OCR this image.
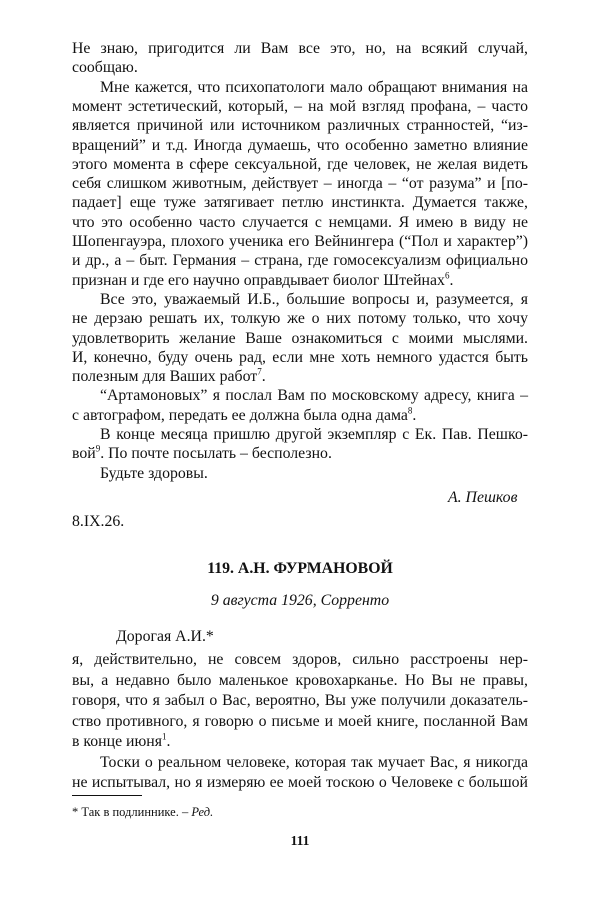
Не знаю, пригодится ли Вам все это, но, на всякий случай,
сообщаю.
Мне кажется, что психопатологи мало обращают внимания на
момент эстетический, который, – на мой взгляд профана, – часто
является причиной или источником различных странностей, “из-
вращений” и т.д. Иногда думаешь, что особенно заметно влияние
этого момента в сфере сексуальной, где человек, не желая видеть
себя слишком животным, действует – иногда – “от разума” и [по-
падает] еще туже затягивает петлю инстинкта. Думается также,
что это особенно часто случается с немцами. Я имею в виду не
Шопенгауэра, плохого ученика его Вейнингера (“Пол и характер”)
и др., а – быт. Германия – страна, где гомосексуализм официально
признан и где его научно оправдывает биолог Штейнах$^6$.
Все это, уважаемый И.Б., большие вопросы и, разумеется, я
не дерзаю решать их, толкую же о них потому только, что хочу
удовлетворить желание Ваше ознакомиться с моими мыслями.
И, конечно, буду очень рад, если мне хоть немного удастся быть
полезным для Ваших работ$^7$.
“Артамоновых” я послал Вам по московскому адресу, книга –
с автографом, передать ее должна была одна дама$^8$.
В конце месяца пришлю другой экземпляр с Ек. Пав. Пешко-
вой$^9$. По почте посылать – бесполезно.
Будьте здоровы.
А. Пешков
8.IX.26.
119. А.Н. ФУРМАНОВОЙ
9 августа 1926, Сорренто
Дорогая А.И.*
я, действительно, не совсем здоров, сильно расстроены нер-
вы, а недавно было маленькое кровохарканье. Но Вы не правы,
говоря, что я забыл о Вас, вероятно, Вы уже получили доказатель-
ство противного, я говорю о письме и моей книге, посланной Вам
в конце июня$^1$.
Тоски о реальном человеке, которая так мучает Вас, я никогда
не испытывал, но я измеряю ее моей тоскою о Человеке с большой
* Так в подлиннике. – Ред.
111
